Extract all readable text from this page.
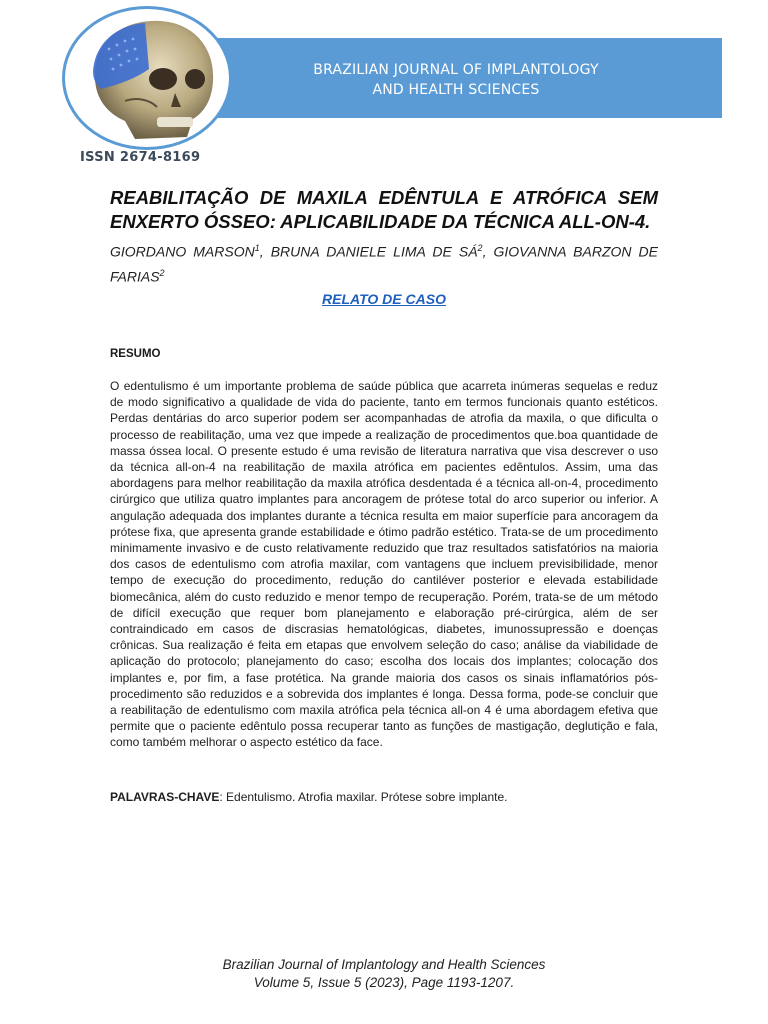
BRAZILIAN JOURNAL OF IMPLANTOLOGY
AND HEALTH SCIENCES
ISSN 2674-8169
REABILITAÇÃO DE MAXILA EDÊNTULA E ATRÓFICA SEM
ENXERTO ÓSSEO: APLICABILIDADE DA TÉCNICA ALL-ON-4.

GIORDANO MARSON$^1$, BRUNA DANIELE LIMA DE $SÁ^2$, GIOVANNA BARZON DE FARIAS$^2$

RELATO DE CASO
RESUMO

O edentulismo é um importante problema de saúde pública que acarreta inúmeras sequelas e reduz de modo significativo a qualidade de vida do paciente, tanto em termos funcionais quanto estéticos. Perdas dentárias do arco superior podem ser acompanhadas de atrofia da maxila, o que dificulta o processo de reabilitação, uma vez que impede a realização de procedimentos que.boa quantidade de massa óssea local. O presente estudo é uma revisão de literatura narrativa que visa descrever o uso da técnica all-on-4 na reabilitação de maxila atrófica em pacientes edêntulos. Assim, uma das abordagens para melhor reabilitação da maxila atrófica desdentada é a técnica all-on-4, procedimento cirúrgico que utiliza quatro implantes para ancoragem de prótese total do arco superior ou inferior. A angulação adequada dos implantes durante a técnica resulta em maior superfície para ancoragem da prótese fixa, que apresenta grande estabilidade e ótimo padrão estético. Trata-se de um procedimento minimamente invasivo e de custo relativamente reduzido que traz resultados satisfatórios na maioria dos casos de edentulismo com atrofia maxilar, com vantagens que incluem previsibilidade, menor tempo de execução do procedimento, redução do cantiléver posterior e elevada estabilidade biomecânica, além do custo reduzido e menor tempo de recuperação. Porém, trata-se de um método de difícil execução que requer bom planejamento e elaboração pré-cirúrgica, além de ser contraindicado em casos de discrasias hematológicas, diabetes, imunossupressão e doenças crônicas. Sua realização é feita em etapas que envolvem seleção do caso; análise da viabilidade de aplicação do protocolo; planejamento do caso; escolha dos locais dos implantes; colocação dos implantes e, por fim, a fase protética. Na grande maioria dos casos os sinais inflamatórios pós-procedimento são reduzidos e a sobrevida dos implantes é longa. Dessa forma, pode-se concluir que a reabilitação de edentulismo com maxila atrófica pela técnica all-on 4 é uma abordagem efetiva que permite que o paciente edêntulo possa recuperar tanto as funções de mastigação, deglutição e fala, como também melhorar o aspecto estético da face.

PALAVRAS-CHAVE: Edentulismo. Atrofia maxilar. Prótese sobre implante.
Brazilian Journal of Implantology and Health Sciences
Volume 5, Issue 5 (2023), Page 1193-1207.
